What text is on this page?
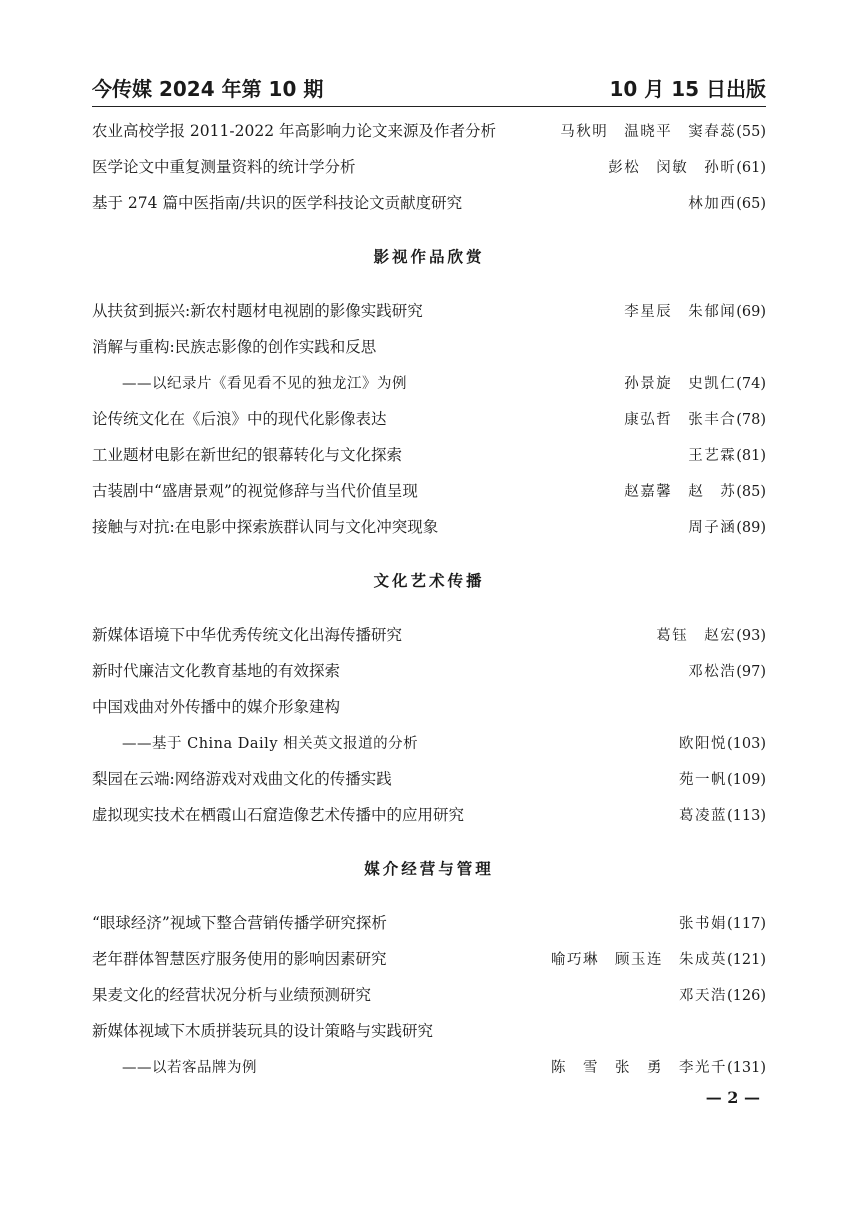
今传媒 2024 年第 10 期	10 月 15 日出版
农业高校学报 2011-2022 年高影响力论文来源及作者分析	马秋明　温晓平　窦春蕊(55)
医学论文中重复测量资料的统计学分析	彭松　闵敏　孙昕(61)
基于 274 篇中医指南/共识的医学科技论文贡献度研究	林加西(65)
影视作品欣赏
从扶贫到振兴:新农村题材电视剧的影像实践研究	李星辰　朱郁闻(69)
消解与重构:民族志影像的创作实践和反思
——以纪录片《看见看不见的独龙江》为例	孙景旋　史凯仁(74)
论传统文化在《后浪》中的现代化影像表达	康弘哲　张丰合(78)
工业题材电影在新世纪的银幕转化与文化探索	王艺霖(81)
古装剧中“盛唐景观”的视觉修辞与当代价值呈现	赵嘉馨　赵　苏(85)
接触与对抗:在电影中探索族群认同与文化冲突现象	周子涵(89)
文化艺术传播
新媒体语境下中华优秀传统文化出海传播研究	葛钰　赵宏(93)
新时代廉洁文化教育基地的有效探索	邓松浩(97)
中国戏曲对外传播中的媒介形象建构
——基于 China Daily 相关英文报道的分析	欧阳悦(103)
梨园在云端:网络游戏对戏曲文化的传播实践	苑一帆(109)
虚拟现实技术在栖霞山石窟造像艺术传播中的应用研究	葛凌蓝(113)
媒介经营与管理
“眼球经济”视域下整合营销传播学研究探析	张书娟(117)
老年群体智慧医疗服务使用的影响因素研究	喻巧琳　顾玉连　朱成英(121)
果麦文化的经营状况分析与业绩预测研究	邓天浩(126)
新媒体视域下木质拼装玩具的设计策略与实践研究
——以若客品牌为例	陈　雪　张　勇　李光千(131)
— 2 —
